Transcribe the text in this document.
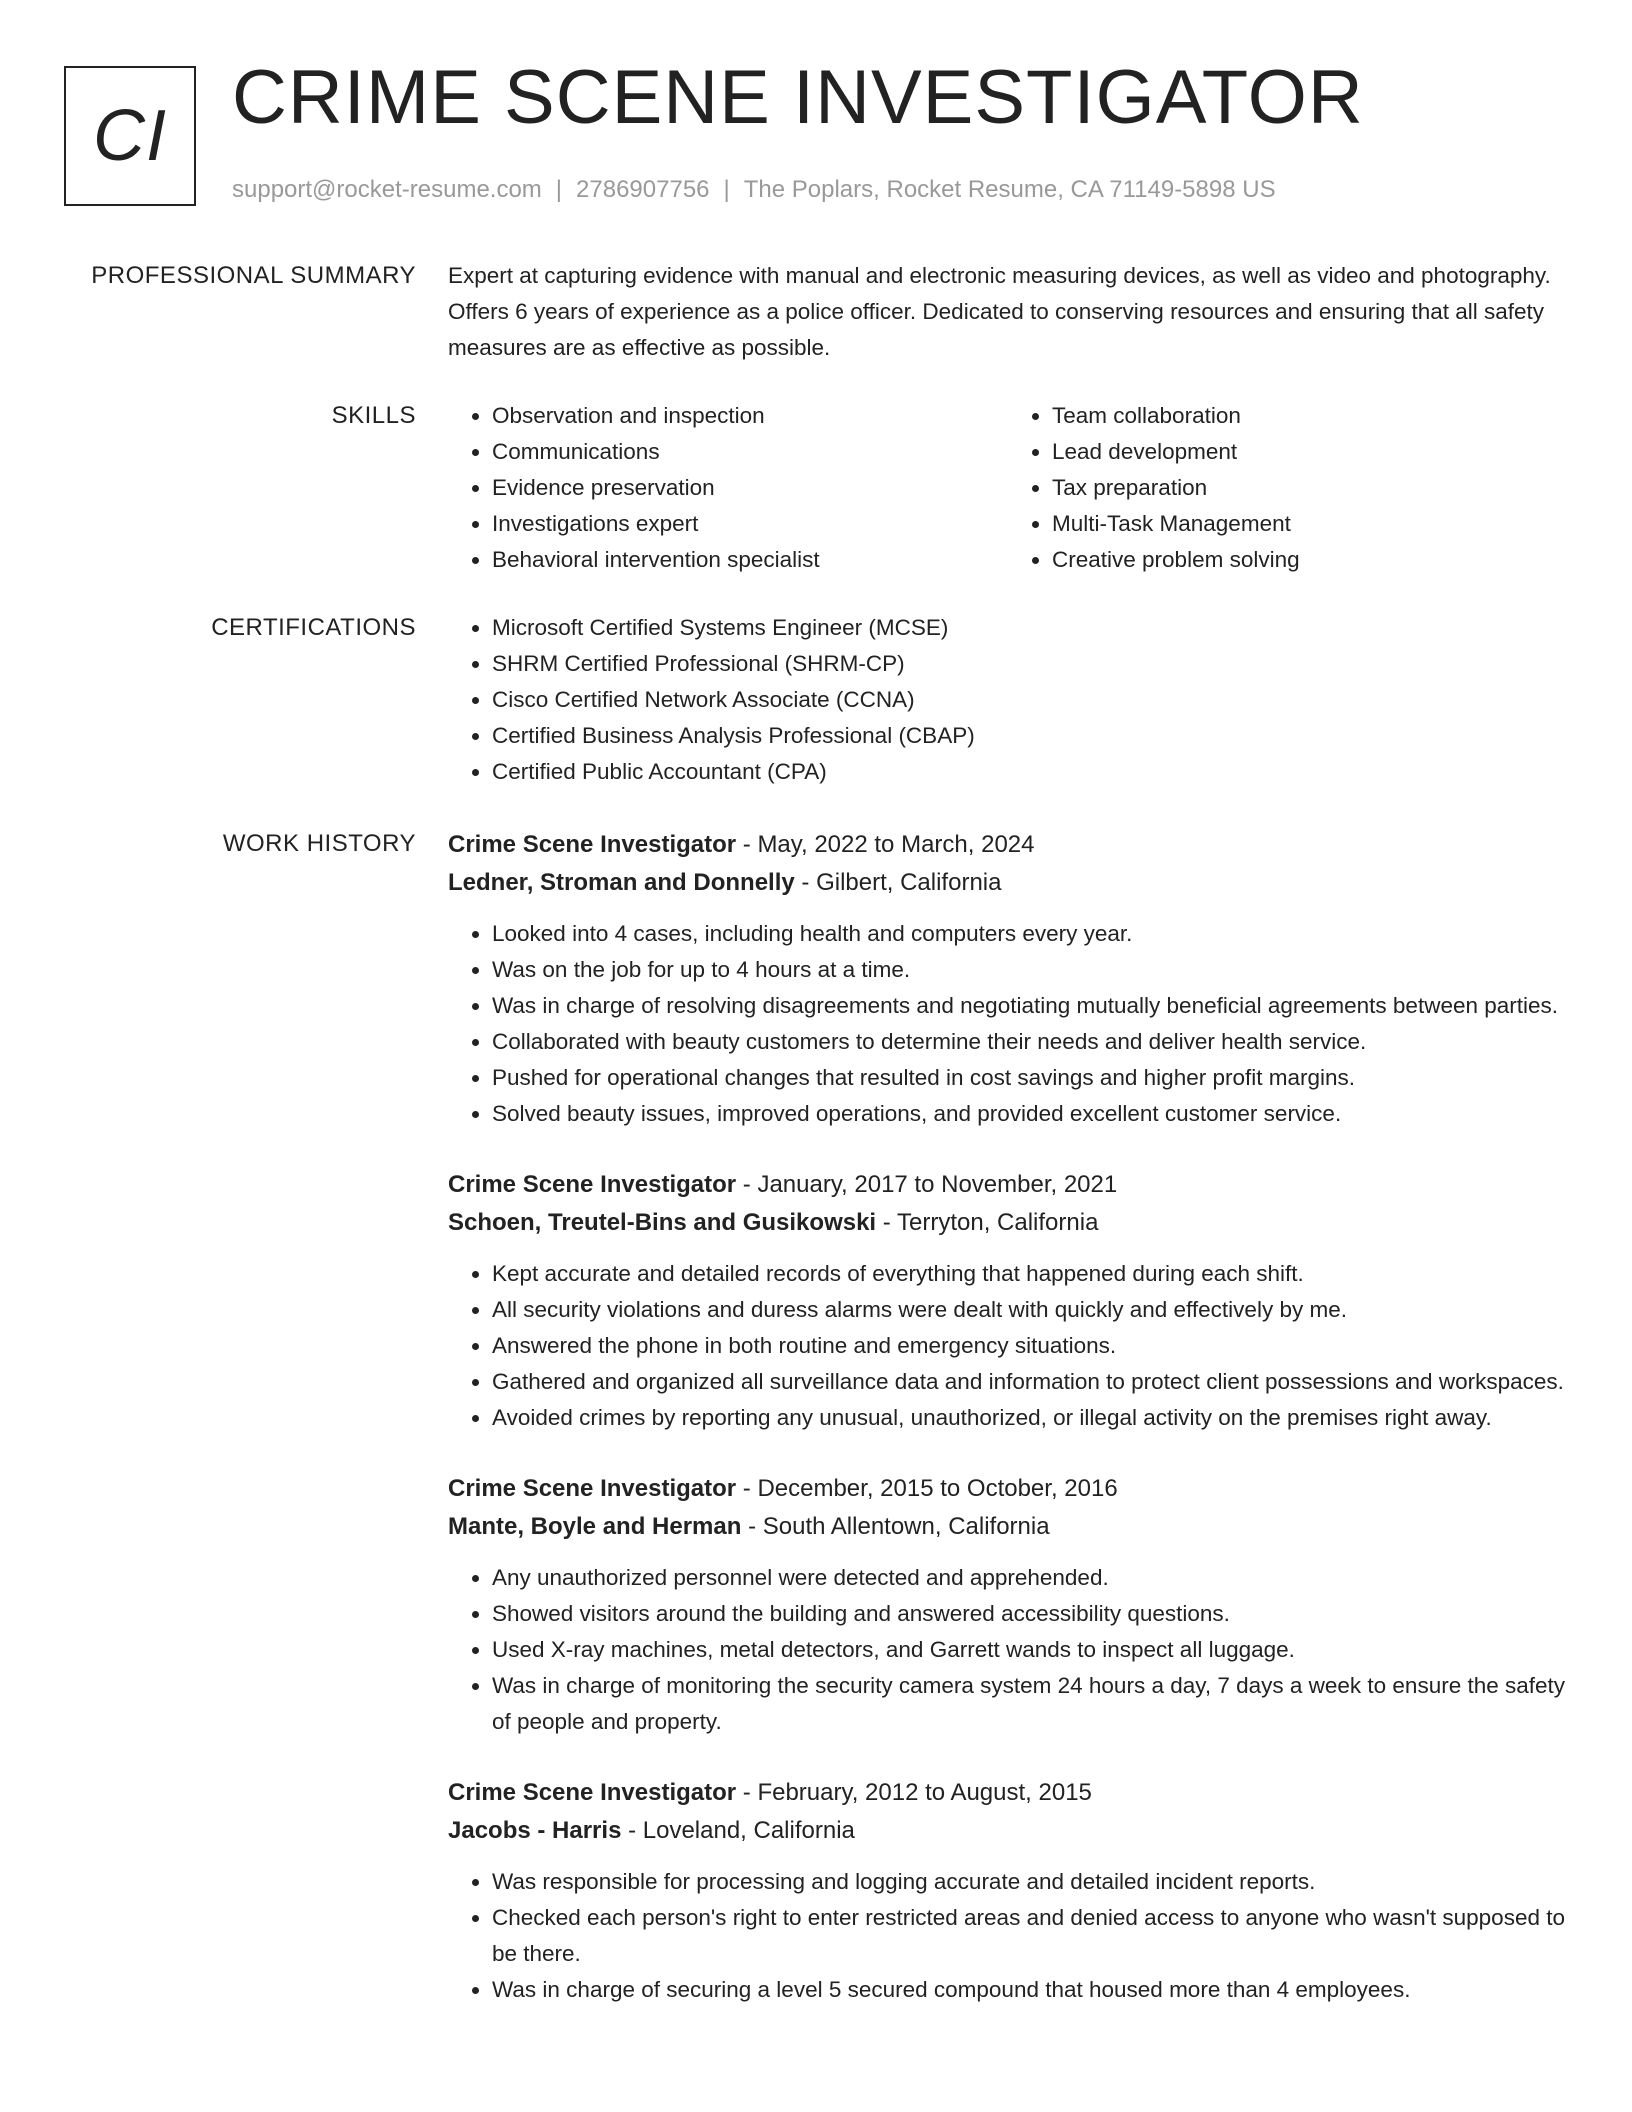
CI CRIME SCENE INVESTIGATOR
support@rocket-resume.com | 2786907756 | The Poplars, Rocket Resume, CA 71149-5898 US
PROFESSIONAL SUMMARY Expert at capturing evidence with manual and electronic measuring devices, as well as video and photography. Offers 6 years of experience as a police officer. Dedicated to conserving resources and ensuring that all safety measures are as effective as possible.

SKILLS	• Observation and inspection
• Communications
• Evidence preservation
• Investigations expert
• Behavioral intervention specialist
• Team collaboration
• Lead development
• Tax preparation
• Multi-Task Management
• Creative problem solving
CERTIFICATIONS	• Microsoft Certified Systems Engineer (MCSE)
• SHRM Certified Professional (SHRM-CP)
• Cisco Certified Network Associate (CCNA)
• Certified Business Analysis Professional (CBAP)
• Certified Public Accountant (CPA)
WORK HISTORY Crime Scene Investigator - May, 2022 to March, 2024
Ledner, Stroman and Donnelly - Gilbert, California
• Looked into 4 cases, including health and computers every year.
• Was on the job for up to 4 hours at a time.
• Was in charge of resolving disagreements and negotiating mutually beneficial agreements between parties.
• Collaborated with beauty customers to determine their needs and deliver health service.
• Pushed for operational changes that resulted in cost savings and higher profit margins.
• Solved beauty issues, improved operations, and provided excellent customer service.
Crime Scene Investigator - January, 2017 to November, 2021
Schoen, Treutel-Bins and Gusikowski - Terryton, California
• Kept accurate and detailed records of everything that happened during each shift.
• All security violations and duress alarms were dealt with quickly and effectively by me.
• Answered the phone in both routine and emergency situations.
• Gathered and organized all surveillance data and information to protect client possessions and workspaces.
• Avoided crimes by reporting any unusual, unauthorized, or illegal activity on the premises right away.
Crime Scene Investigator - December, 2015 to October, 2016
Mante, Boyle and Herman - South Allentown, California
• Any unauthorized personnel were detected and apprehended.
• Showed visitors around the building and answered accessibility questions.
• Used X-ray machines, metal detectors, and Garrett wands to inspect all luggage.
• Was in charge of monitoring the security camera system 24 hours a day, 7 days a week to ensure the safety of people and property.
Crime Scene Investigator - February, 2012 to August, 2015
Jacobs - Harris - Loveland, California
• Was responsible for processing and logging accurate and detailed incident reports.
• Checked each person's right to enter restricted areas and denied access to anyone who wasn't supposed to be there.
• Was in charge of securing a level 5 secured compound that housed more than 4 employees.
